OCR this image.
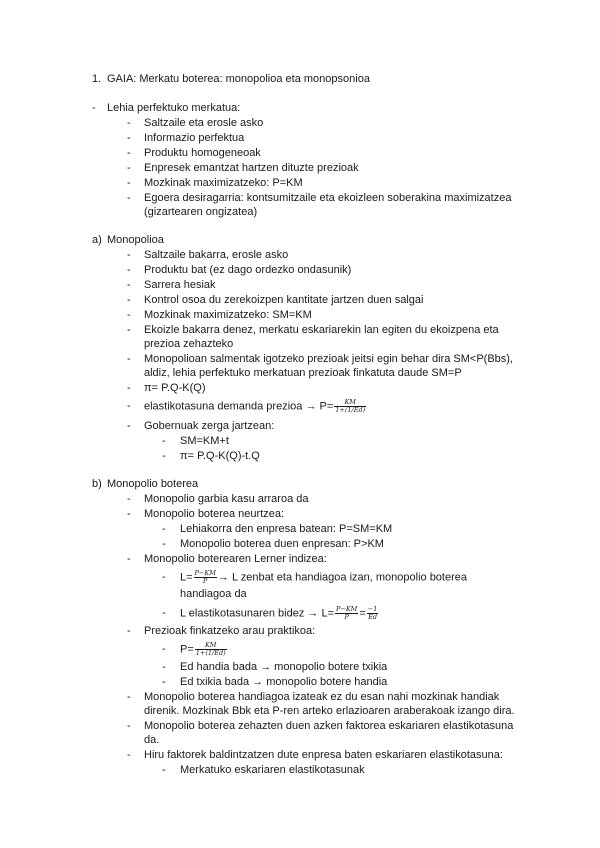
1. GAIA: Merkatu boterea: monopolioa eta monopsonioa
- Lehia perfektuko merkatua:
- Saltzaile eta erosle asko
- Informazio perfektua
- Produktu homogeneoak
- Enpresek emantzat hartzen dituzte prezioak
- Mozkinak maximizatzeko: P=KM
- Egoera desiragarria: kontsumitzaile eta ekoizleen soberakina maximizatzea
(gizartearen ongizatea)
a) Monopolioa
- Saltzaile bakarra, erosle asko
- Produktu bat (ez dago ordezko ondasunik)
- Sarrera hesiak
- Kontrol osoa du zerekoizpen kantitate jartzen duen salgai
- Mozkinak maximizatzeko: SM=KM
- Ekoizle bakarra denez, merkatu eskariarekin lan egiten du ekoizpena eta
prezioa zehazteko
- Monopolioan salmentak igotzeko prezioak jeitsi egin behar dira SM<P(Bbs),
aldiz, lehia perfektuko merkatuan prezioak finkatuta daude SM=P
- π= P.Q-K(Q)
- elastikotasuna demanda prezioa → $P= \frac{KM}{1+(1/Ed)}$
- Gobernuak zerga jartzean:
- SM=KM+t
- π= P.Q-K(Q)-t.Q
b) Monopolio boterea
- Monopolio garbia kasu arraroa da
- Monopolio boterea neurtzea:
- Lehiakorra den enpresa batean: P=SM=KM
- Monopolio boterea duen enpresan: P>KM
- Monopolio boterearen Lerner indizea:
- $L= \frac{P-KM}{P} \to L$ zenbat eta handiagoa izan, monopolio boterea
handiagoa da
- L elastikotasunaren bidez → $L= \frac{P-KM}{P} = \frac{-1}{Ed}$
- Prezioak finkatzeko arau praktikoa:
- $P= \frac{KM}{1+(1/Ed)}$
- Ed handia bada → monopolio botere txikia
- Ed txikia bada → monopolio botere handia
- Monopolio boterea handiagoa izateak ez du esan nahi mozkinak handiak
direnik. Mozkinak Bbk eta P-ren arteko erlazioaren araberakoak izango dira.
- Monopolio boterea zehazten duen azken faktorea eskariaren elastikotasuna
da.
- Hiru faktorek baldintzatzen dute enpresa baten eskariaren elastikotasuna:
- Merkatuko eskariaren elastikotasunak
